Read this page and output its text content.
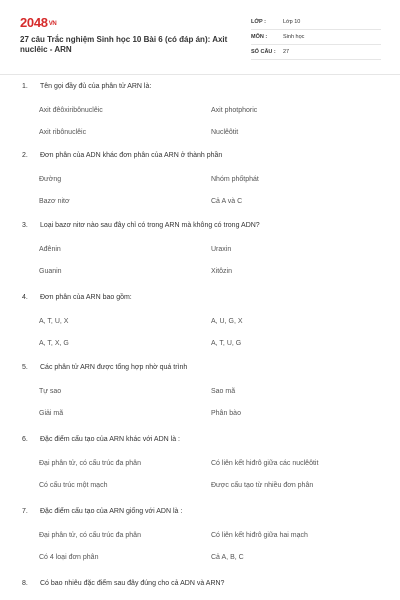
2048VN
27 câu Trắc nghiệm Sinh học 10 Bài 6 (có đáp án): Axit nuclêic - ARN
LỚP :	Lớp 10
MÔN :	Sinh học
SỐ CÂU :	27
1.	Tên gọi đầy đủ của phân tử ARN là:
Axit đêôxiribônuclêic	Axit photphoric
Axit ribônuclêic	Nuclêôtit
2.	Đơn phân của ADN khác đơn phân của ARN ở thành phần
Đường	Nhóm phốtphát
Bazơ nitơ	Cả A và C
3.	Loại bazơ nitơ nào sau đây chỉ có trong ARN mà không có trong ADN?
Ađênin	Uraxin
Guanin	Xitôzin
4.	Đơn phân của ARN bao gồm:
A, T, U, X	A, U, G, X
A, T, X, G	A, T, U, G
5.	Các phân tử ARN được tổng hợp nhờ quá trình
Tự sao	Sao mã
Giải mã	Phân bào
6.	Đặc điểm cấu tạo của ARN khác với ADN là :
Đại phân tử, có cấu trúc đa phân	Có liên kết hiđrô giữa các nuclêôtit
Có cấu trúc một mạch	Được cấu tạo từ nhiều đơn phân
7.	Đặc điểm cấu tạo của ARN giống với ADN là :
Đại phân tử, có cấu trúc đa phân	Có liên kết hiđrô giữa hai mạch
Có 4 loại đơn phân	Cả A, B, C
8.	Có bao nhiêu đặc điểm sau đây đúng cho cả ADN và ARN?
